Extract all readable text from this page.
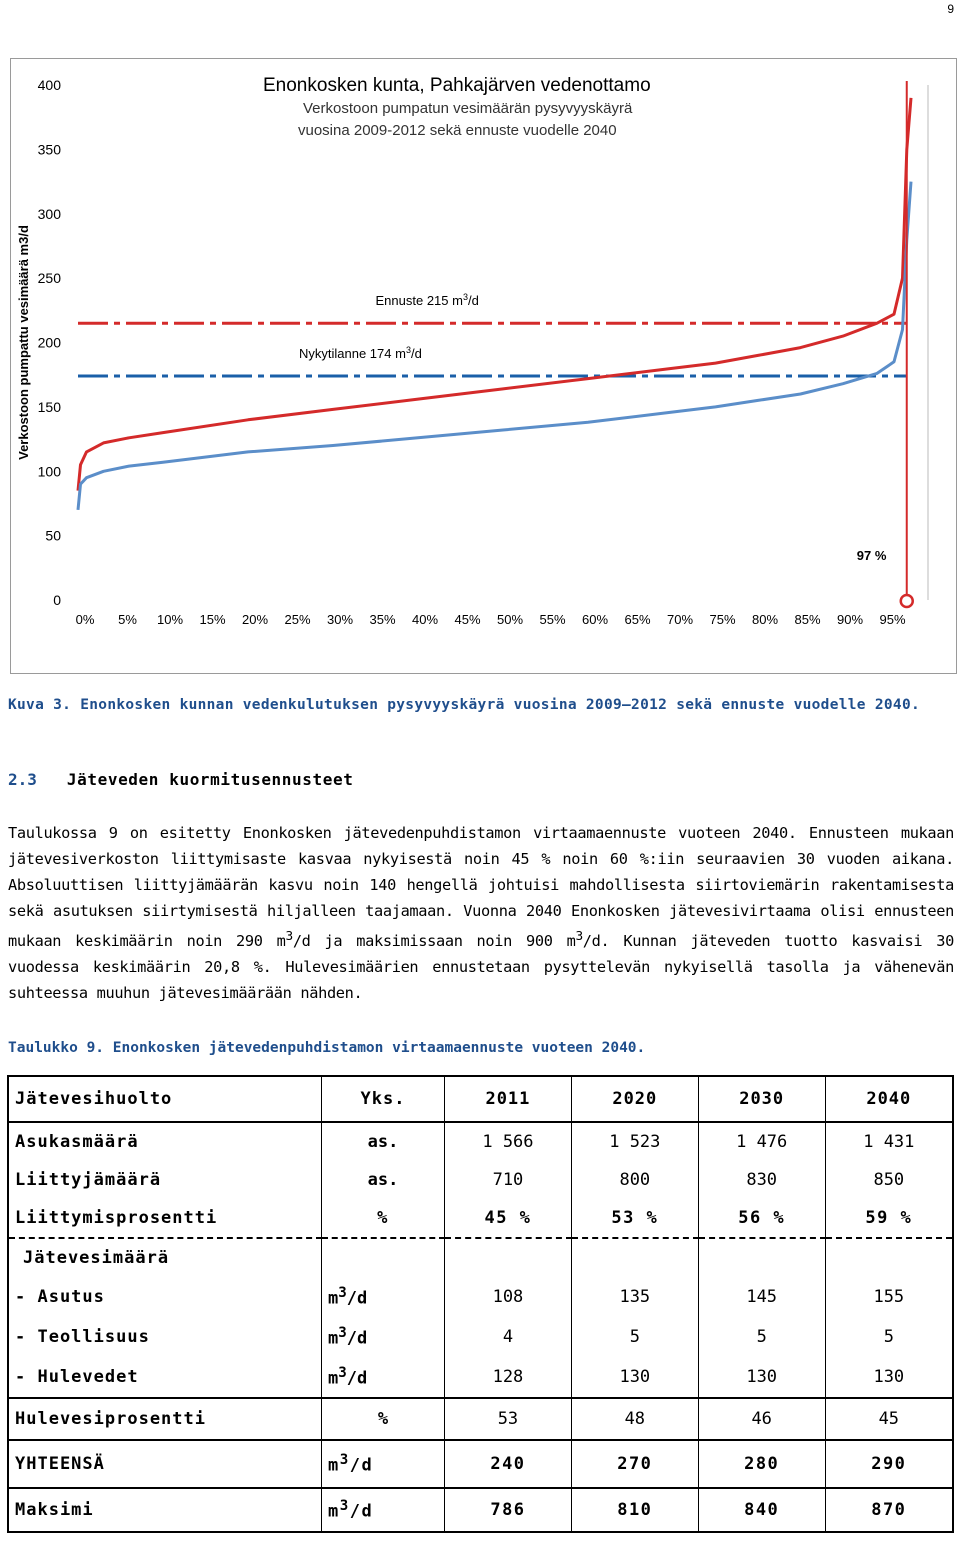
9
Enonkosken kunta, Pahkajärven vedenottamo
Verkostoon pumpatun vesimäärän pysyvyyskäyrä
vuosina 2009-2012 sekä ennuste vuodelle 2040
0
50
100
150
200
250
300
350
400
Verkostoon pumpattu vesimäärä m3/d
0% 5% 10% 15% 20% 25% 30% 35% 40% 45% 50% 55% 60% 65% 70% 75% 80% 85% 90% 95%
Ennuste 215 $m^3/d$
Nykytilanne 174 $m^3/d$
97 %
Kuva 3. Enonkosken kunnan vedenkulutuksen pysyvyyskäyrä vuosina 2009–2012 sekä ennuste vuodelle 2040.
2.3 Jäteveden kuormitusennusteet

Taulukossa 9 on esitetty Enonkosken jätevedenpuhdistamon virtaamaennuste vuoteen 2040. Ennusteen mukaan jätevesiverkoston liittymisaste kasvaa nykyisestä noin 45 % noin 60 %:iin seuraavien 30 vuoden aikana. Absoluuttisen liittyjämäärän kasvu noin 140 hengellä johtuisi mahdollisesta siirtoviemärin rakentamisesta sekä asutuksen siirtymisestä hiljalleen taajamaan. Vuonna 2040 Enonkosken jätevesivirtaama olisi ennusteen mukaan keskimäärin noin 290 $m^3/d$ ja maksimissaan noin 900 $m^3/d$. Kunnan jäteveden tuotto kasvaisi 30 vuodessa keskimäärin 20,8 %. Hulevesimäärien ennustetaan pysyttelevän nykyisellä tasolla ja vähenevän suhteessa muuhun jätevesimäärään nähden.

Taulukko 9. Enonkosken jätevedenpuhdistamon virtaamaennuste vuoteen 2040.
Jätevesihuolto	Yks.	2011	2020	2030	2040
Asukasmäärä	as.	1 566	1 523	1 476	1 431
Liittyjämäärä	as.	710	800	830	850
Liittymisprosentti	%	45 %	53 %	56 %	59 %
Jätevesimäärä					
- Asutus	$m^3/d$	108	135	145	155
- Teollisuus	$m^3/d$	4	5	5	5
- Hulevedet	$m^3/d$	128	130	130	130
Hulevesiprosentti	%	53	48	46	45
YHTEENSÄ	$m^3/d$	240	270	280	290
Maksimi	$m^3/d$	786	810	840	870
